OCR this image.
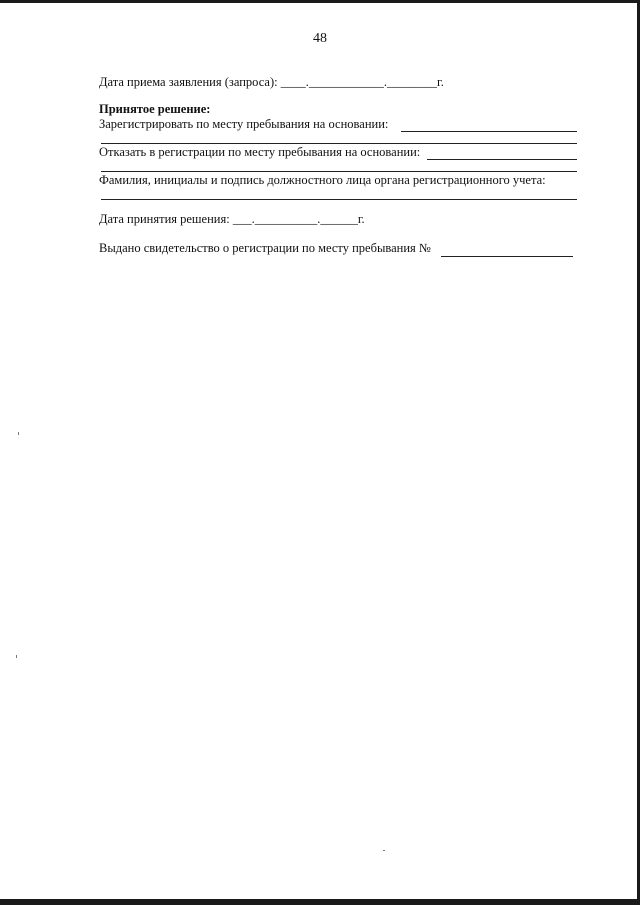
48
Дата приема заявления (запроса): ____.____________.________г.
Принятое решение:
Зарегистрировать по месту пребывания на основании:
Отказать в регистрации по месту пребывания на основании:
Фамилия, инициалы и подпись должностного лица органа регистрационного учета:
Дата принятия решения: ___.__________.______г.
Выдано свидетельство о регистрации по месту пребывания №
